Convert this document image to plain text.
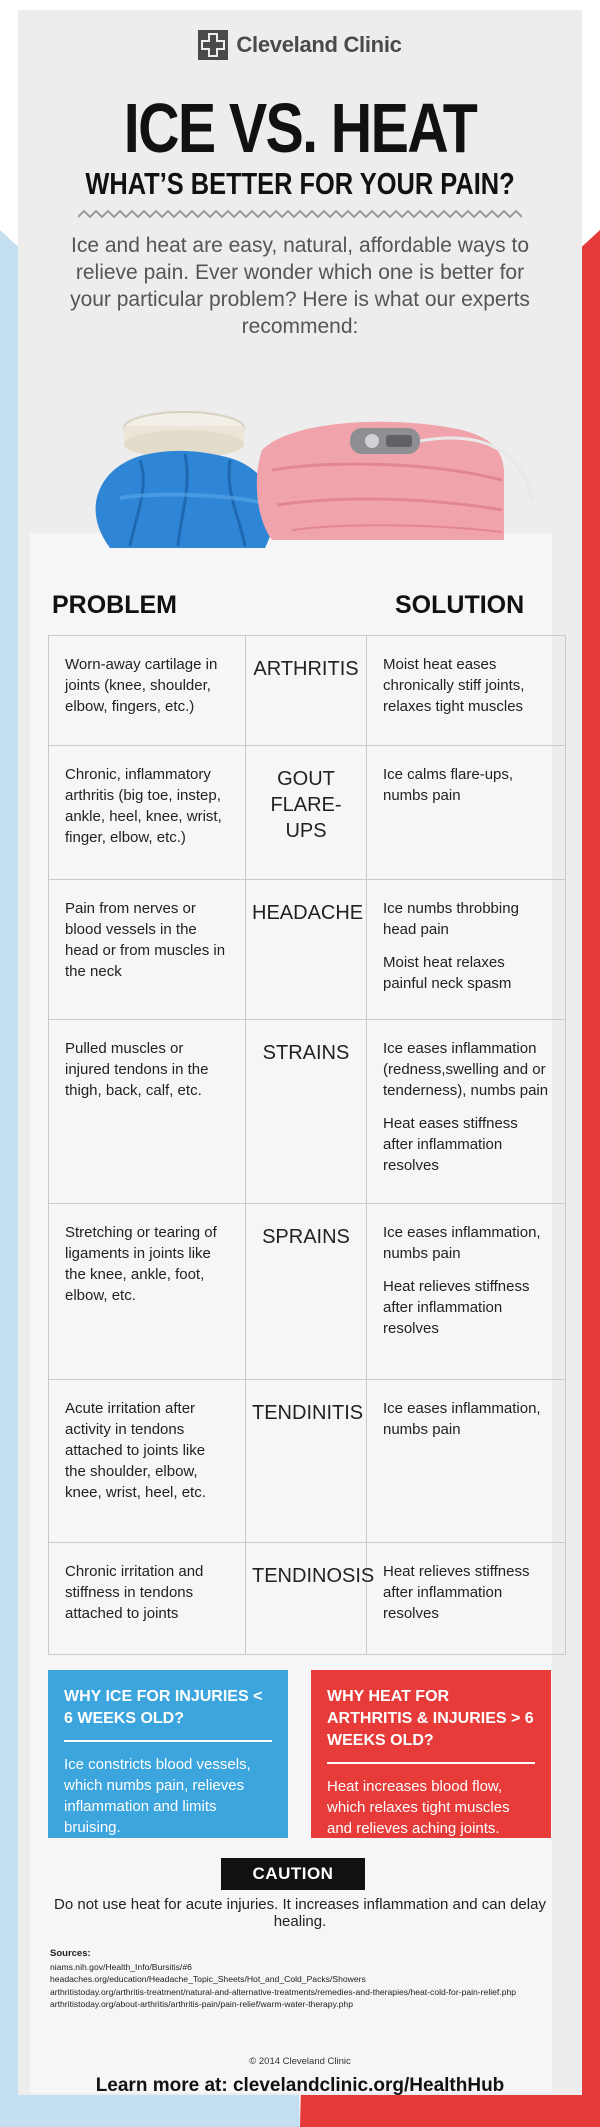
Cleveland Clinic
ICE VS. HEAT
WHAT’S BETTER FOR YOUR PAIN?
Ice and heat are easy, natural, affordable ways to relieve pain. Ever wonder which one is better for your particular problem? Here is what our experts recommend:
PROBLEM	SOLUTION
Worn-away cartilage in joints (knee, shoulder, elbow, fingers, etc.)	ARTHRITIS	Moist heat eases chronically stiff joints, relaxes tight muscles

Chronic, inflammatory arthritis (big toe, instep, ankle, heel, knee, wrist, finger, elbow, etc.)	GOUT FLARE-UPS	Ice calms flare-ups, numbs pain

Pain from nerves or blood vessels in the head or from muscles in the neck	HEADACHE	Ice numbs throbbing head pain

Moist heat relaxes painful neck spasm

Pulled muscles or injured tendons in the thigh, back, calf, etc.	STRAINS	Ice eases inflammation (redness,swelling and or tenderness), numbs pain

Heat eases stiffness after inflammation resolves

Stretching or tearing of ligaments in joints like the knee, ankle, foot, elbow, etc.	SPRAINS	Ice eases inflammation, numbs pain

Heat relieves stiffness after inflammation resolves

Acute irritation after activity in tendons attached to joints like the shoulder, elbow, knee, wrist, heel, etc.	TENDINITIS	Ice eases inflammation, numbs pain

Chronic irritation and stiffness in tendons attached to joints	TENDINOSIS	Heat relieves stiffness after inflammation resolves

WHY ICE FOR INJURIES < 6 WEEKS OLD?
Ice constricts blood vessels, which numbs pain, relieves inflammation and limits bruising.
WHY HEAT FOR ARTHRITIS & INJURIES > 6 WEEKS OLD?
Heat increases blood flow, which relaxes tight muscles and relieves aching joints.
CAUTION
Do not use heat for acute injuries. It increases inflammation and can delay healing.
Sources:
niams.nih.gov/Health_Info/Bursitis/#6
headaches.org/education/Headache_Topic_Sheets/Hot_and_Cold_Packs/Showers
arthritistoday.org/arthritis-treatment/natural-and-alternative-treatments/remedies-and-therapies/heat-cold-for-pain-relief.php
arthritistoday.org/about-arthritis/arthritis-pain/pain-relief/warm-water-therapy.php
© 2014 Cleveland Clinic
Learn more at: clevelandclinic.org/HealthHub
